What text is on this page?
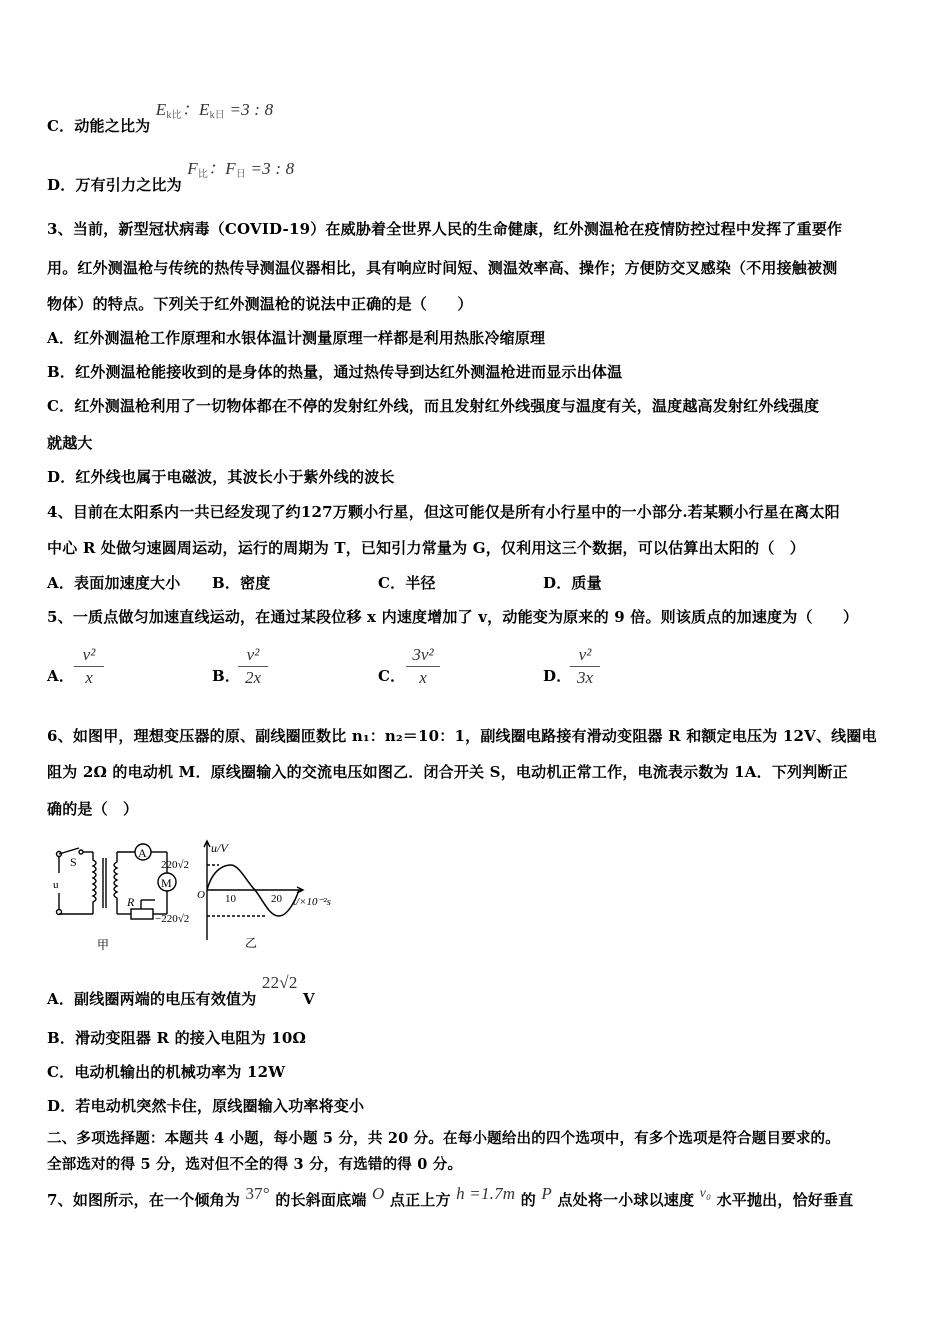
C．动能之比为 $E_{k比}$：$E_{k日} =3$ : 8
D．万有引力之比为 $F_比$：$F_日 =3$ : 8
3、当前，新型冠状病毒（COVID-19）在威胁着全世界人民的生命健康，红外测温枪在疫情防控过程中发挥了重要作
用。红外测温枪与传统的热传导测温仪器相比，具有响应时间短、测温效率高、操作；方便防交叉感染（不用接触被测
物体）的特点。下列关于红外测温枪的说法中正确的是（　　）
A．红外测温枪工作原理和水银体温计测量原理一样都是利用热胀冷缩原理
B．红外测温枪能接收到的是身体的热量，通过热传导到达红外测温枪进而显示出体温
C．红外测温枪利用了一切物体都在不停的发射红外线，而且发射红外线强度与温度有关，温度越高发射红外线强度
就越大
D．红外线也属于电磁波，其波长小于紫外线的波长
4、目前在太阳系内一共已经发现了约127万颗小行星，但这可能仅是所有小行星中的一小部分.若某颗小行星在离太阳
中心 R 处做匀速圆周运动，运行的周期为 T，已知引力常量为 G，仅利用这三个数据，可以估算出太阳的（　）
A．表面加速度大小 B．密度	C．半径	D．质量
5、一质点做匀加速直线运动，在通过某段位移 x 内速度增加了 v，动能变为原来的 9 倍。则该质点的加速度为（　　）
A．
v²
x	B．
v²
2x	C．
3v²
x	D．
v²
3x
6、如图甲，理想变压器的原、副线圈匝数比 n₁：n₂＝10：1，副线圈电路接有滑动变阻器 R 和额定电压为 12V、线圈电
阻为 2Ω 的电动机 M．原线圈输入的交流电压如图乙．闭合开关 S，电动机正常工作，电流表示数为 1A．下列判断正
确的是（　）
u
S
A
M
R
甲
u/V
220√2
−220√2
O 10	20 t/×10⁻²s
乙
A．副线圈两端的电压有效值为 22√2 V
B．滑动变阻器 R 的接入电阻为 10Ω
C．电动机输出的机械功率为 12W
D．若电动机突然卡住，原线圈输入功率将变小
二、多项选择题：本题共 4 小题，每小题 5 分，共 20 分。在每小题给出的四个选项中，有多个选项是符合题目要求的。
全部选对的得 5 分，选对但不全的得 3 分，有选错的得 0 分。
7、如图所示，在一个倾角为 37° 的长斜面底端 O 点正上方 h =1.7m 的 P 点处将一小球以速度 v₀ 水平抛出，恰好垂直
